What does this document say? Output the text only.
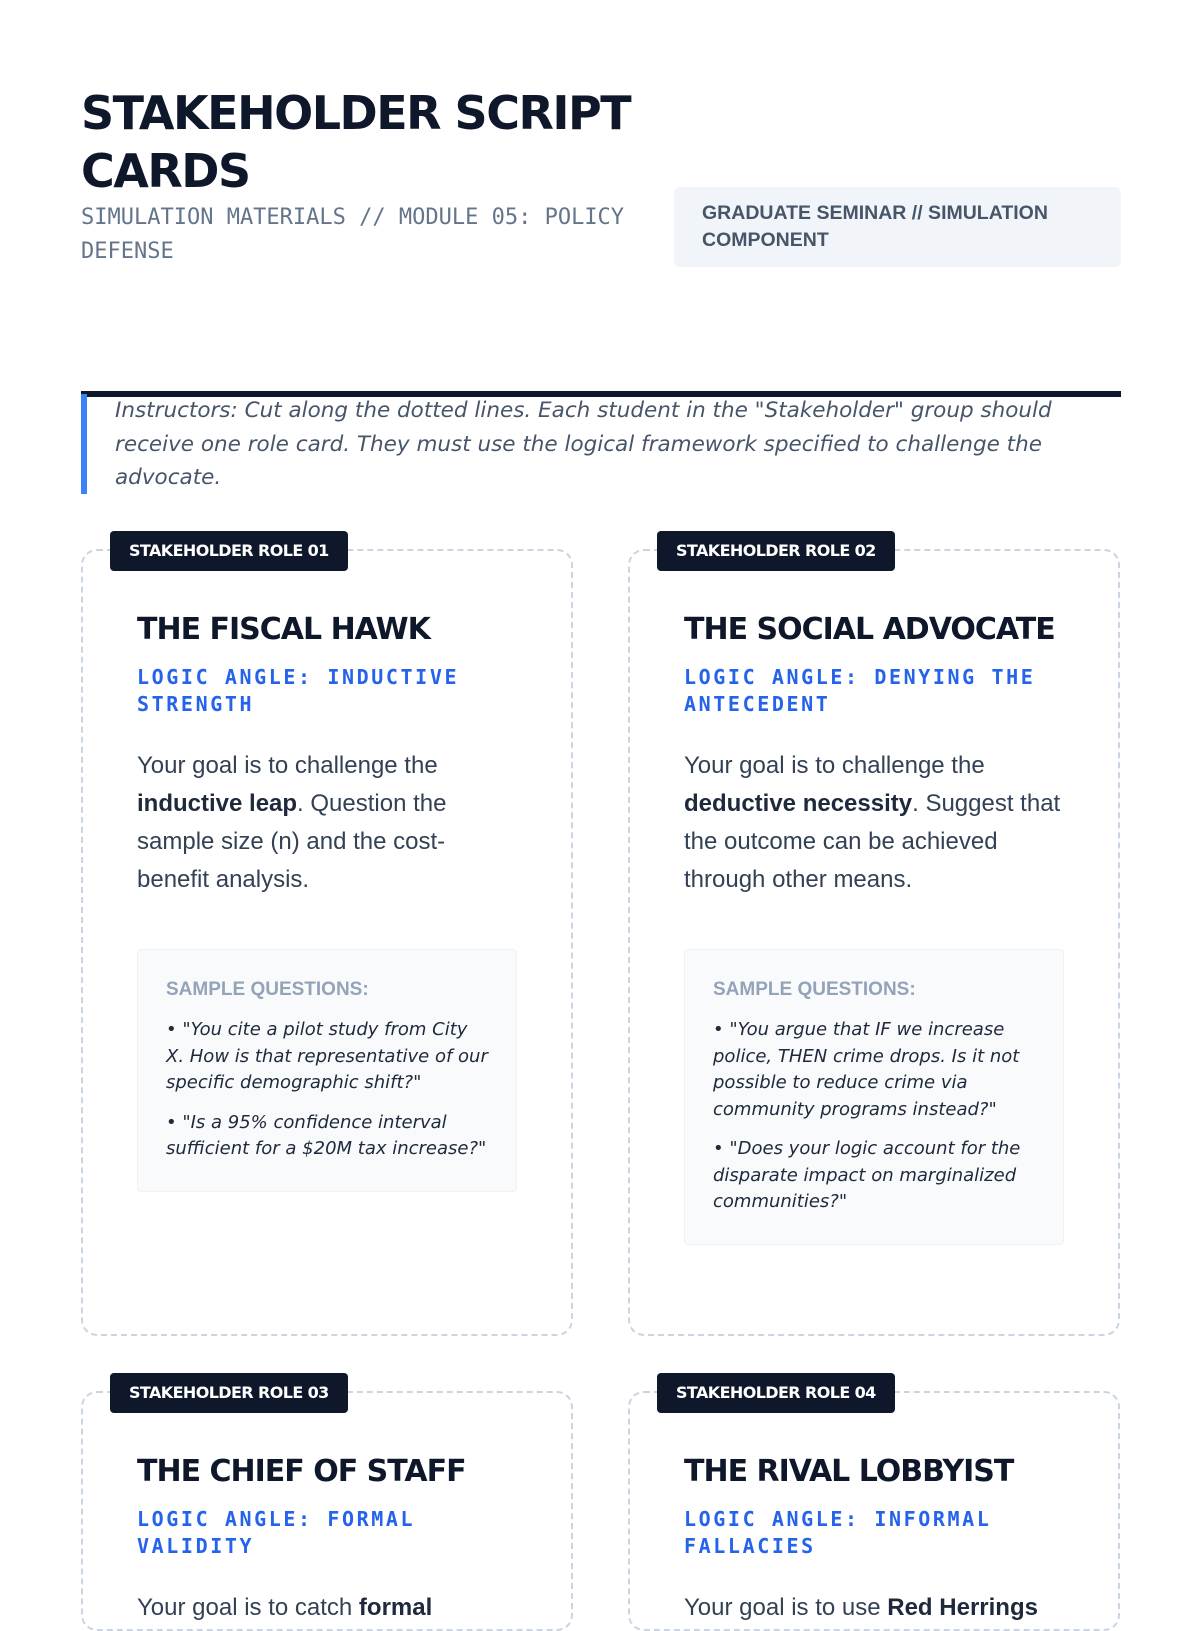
STAKEHOLDER SCRIPT CARDS
SIMULATION MATERIALS // MODULE 05: POLICY DEFENSE
GRADUATE SEMINAR // SIMULATION COMPONENT
Instructors: Cut along the dotted lines. Each student in the "Stakeholder" group should receive one role card. They must use the logical framework specified to challenge the advocate.
STAKEHOLDER ROLE 01
THE FISCAL HAWK
LOGIC ANGLE: INDUCTIVE STRENGTH
Your goal is to challenge the inductive leap. Question the sample size (n) and the cost-benefit analysis.
SAMPLE QUESTIONS:
• "You cite a pilot study from City X. How is that representative of our specific demographic shift?"
• "Is a 95% confidence interval sufficient for a $20M tax increase?"
STAKEHOLDER ROLE 02
THE SOCIAL ADVOCATE
LOGIC ANGLE: DENYING THE ANTECEDENT
Your goal is to challenge the deductive necessity. Suggest that the outcome can be achieved through other means.
SAMPLE QUESTIONS:
• "You argue that IF we increase police, THEN crime drops. Is it not possible to reduce crime via community programs instead?"
• "Does your logic account for the disparate impact on marginalized communities?"
STAKEHOLDER ROLE 03
THE CHIEF OF STAFF
LOGIC ANGLE: FORMAL VALIDITY
Your goal is to catch formal
STAKEHOLDER ROLE 04
THE RIVAL LOBBYIST
LOGIC ANGLE: INFORMAL FALLACIES
Your goal is to use Red Herrings
